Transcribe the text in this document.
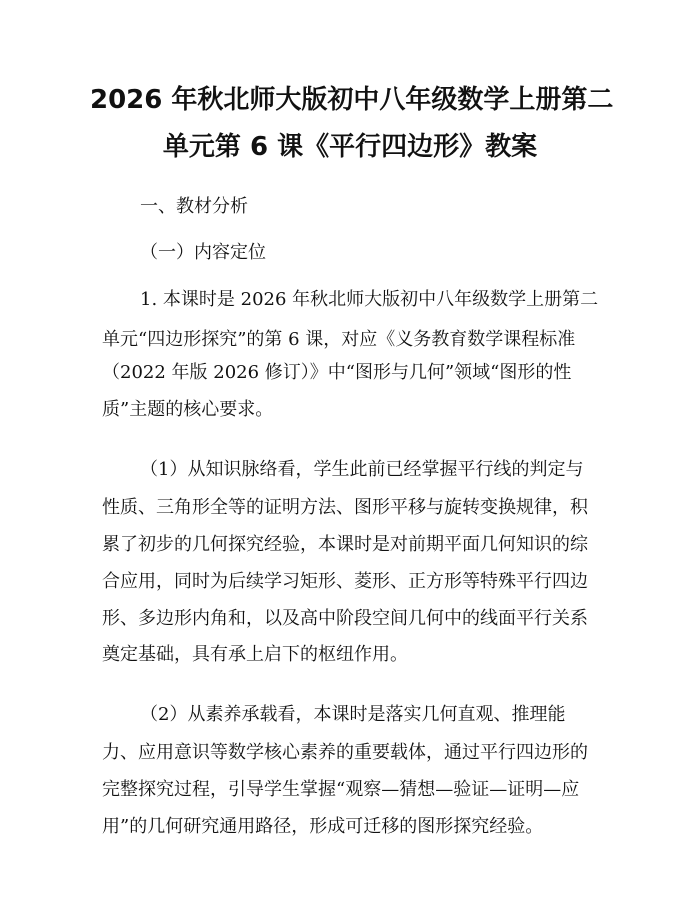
2026 年秋北师大版初中八年级数学上册第二
单元第 6 课《平行四边形》教案

一、教材分析

（一）内容定位

1. 本课时是 2026 年秋北师大版初中八年级数学上册第二

单元“四边形探究”的第 6 课，对应《义务教育数学课程标准

（2022 年版 2026 修订）》中“图形与几何”领域“图形的性

质”主题的核心要求。

（1）从知识脉络看，学生此前已经掌握平行线的判定与

性质、三角形全等的证明方法、图形平移与旋转变换规律，积

累了初步的几何探究经验，本课时是对前期平面几何知识的综

合应用，同时为后续学习矩形、菱形、正方形等特殊平行四边

形、多边形内角和，以及高中阶段空间几何中的线面平行关系

奠定基础，具有承上启下的枢纽作用。

（2）从素养承载看，本课时是落实几何直观、推理能

力、应用意识等数学核心素养的重要载体，通过平行四边形的

完整探究过程，引导学生掌握“观察—猜想—验证—证明—应

用”的几何研究通用路径，形成可迁移的图形探究经验。
